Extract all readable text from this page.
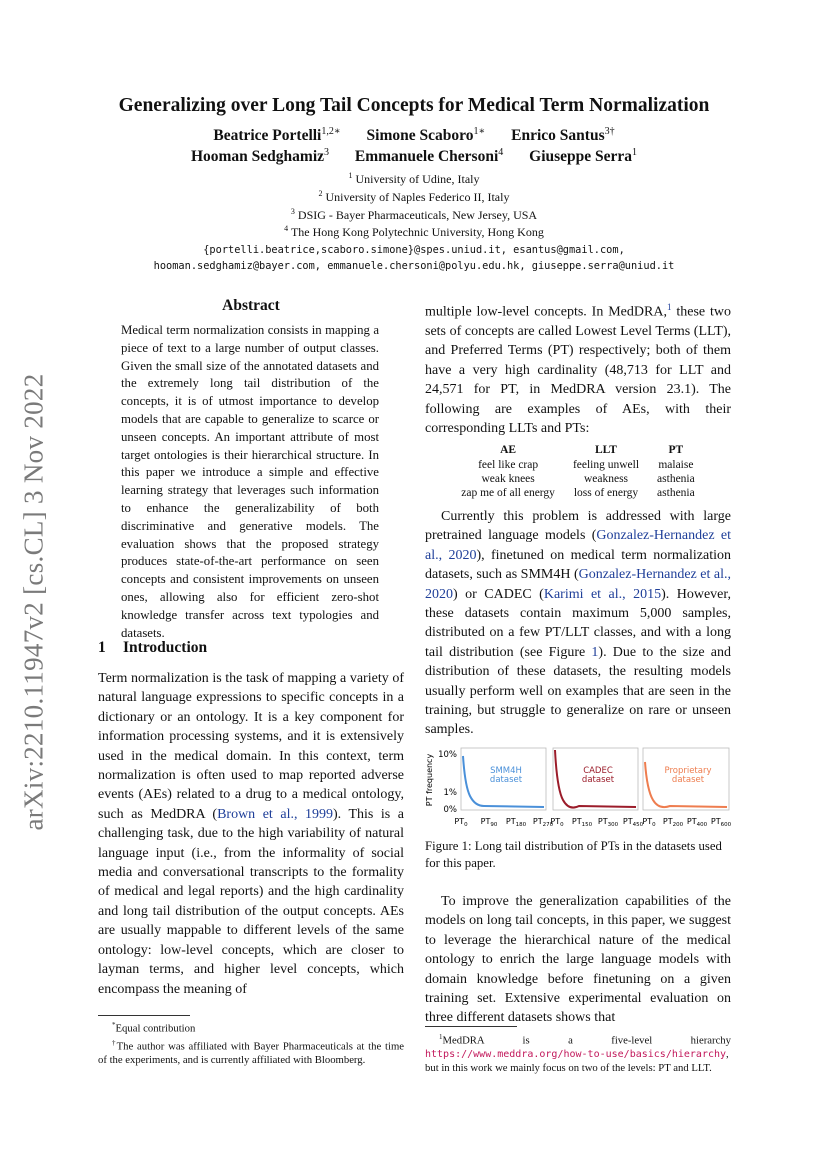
arXiv:2210.11947v2 [cs.CL] 3 Nov 2022
Generalizing over Long Tail Concepts for Medical Term Normalization
Beatrice Portelli$^{1,2∗}$ Simone Scaboro$^{1∗}$ Enrico Santus$^{3\dagger}$
Hooman Sedghamiz$^3$ Emmanuele Chersoni$^4$ Giuseppe Serra$^1$
$^1$ University of Udine, Italy
$^2$ University of Naples Federico II, Italy
$^3$ DSIG - Bayer Pharmaceuticals, New Jersey, USA
$^4$ The Hong Kong Polytechnic University, Hong Kong
{portelli.beatrice,scaboro.simone}@spes.uniud.it, esantus@gmail.com,
hooman.sedghamiz@bayer.com, emmanuele.chersoni@polyu.edu.hk, giuseppe.serra@uniud.it
Abstract
Medical term normalization consists in mapping a piece of text to a large number of output classes. Given the small size of the annotated datasets and the extremely long tail distribution of the concepts, it is of utmost importance to develop models that are capable to generalize to scarce or unseen concepts. An important attribute of most target ontologies is their hierarchical structure. In this paper we introduce a simple and effective learning strategy that leverages such information to enhance the generalizability of both discriminative and generative models. The evaluation shows that the proposed strategy produces state-of-the-art performance on seen concepts and consistent improvements on unseen ones, allowing also for efficient zero-shot knowledge transfer across text typologies and datasets.
1 Introduction
Term normalization is the task of mapping a variety of natural language expressions to specific concepts in a dictionary or an ontology. It is a key component for information processing systems, and it is extensively used in the medical domain. In this context, term normalization is often used to map reported adverse events (AEs) related to a drug to a medical ontology, such as MedDRA (Brown et al., 1999). This is a challenging task, due to the high variability of natural language input (i.e., from the informality of social media and conversational transcripts to the formality of medical and legal reports) and the high cardinality and long tail distribution of the output concepts. AEs are usually mappable to different levels of the same ontology: low-level concepts, which are closer to layman terms, and higher level concepts, which encompass the meaning of
*Equal contribution
†The author was affiliated with Bayer Pharmaceuticals at the time of the experiments, and is currently affiliated with Bloomberg.
multiple low-level concepts. In MedDRA,$^1$ these two sets of concepts are called Lowest Level Terms (LLT), and Preferred Terms (PT) respectively; both of them have a very high cardinality (48,713 for LLT and 24,571 for PT, in MedDRA version 23.1). The following are examples of AEs, with their corresponding LLTs and PTs:
AE	LLT	PT
feel like crap	feeling unwell	malaise
weak knees	weakness	asthenia
zap me of all energy	loss of energy	asthenia
Currently this problem is addressed with large pretrained language models (Gonzalez-Hernandez et al., 2020), finetuned on medical term normalization datasets, such as SMM4H (Gonzalez-Hernandez et al., 2020) or CADEC (Karimi et al., 2015). However, these datasets contain maximum 5,000 samples, distributed on a few PT/LLT classes, and with a long tail distribution (see Figure 1). Due to the size and distribution of these datasets, the resulting models usually perform well on examples that are seen in the training, but struggle to generalize on rare or unseen samples.
PT frequency 10%
1%
0%
SMM4H
dataset
$PT_0$ $PT_{90}$ $PT_{180}$ $PT_{270}$
CADEC
dataset
$PT_0$ $PT_{150}$ $PT_{300}$ $PT_{450}$
Proprietary
dataset
$PT_0$ $PT_{200}$ $PT_{400}$ $PT_{600}$
Figure 1: Long tail distribution of PTs in the datasets used for this paper.
To improve the generalization capabilities of the models on long tail concepts, in this paper, we suggest to leverage the hierarchical nature of the medical ontology to enrich the large language models with domain knowledge before finetuning on a given training set. Extensive experimental evaluation on three different datasets shows that
$^1$MedDRA is a five-level hierarchy https://www.meddra.org/how-to-use/basics/hierarchy, but in this work we mainly focus on two of the levels: PT and LLT.
